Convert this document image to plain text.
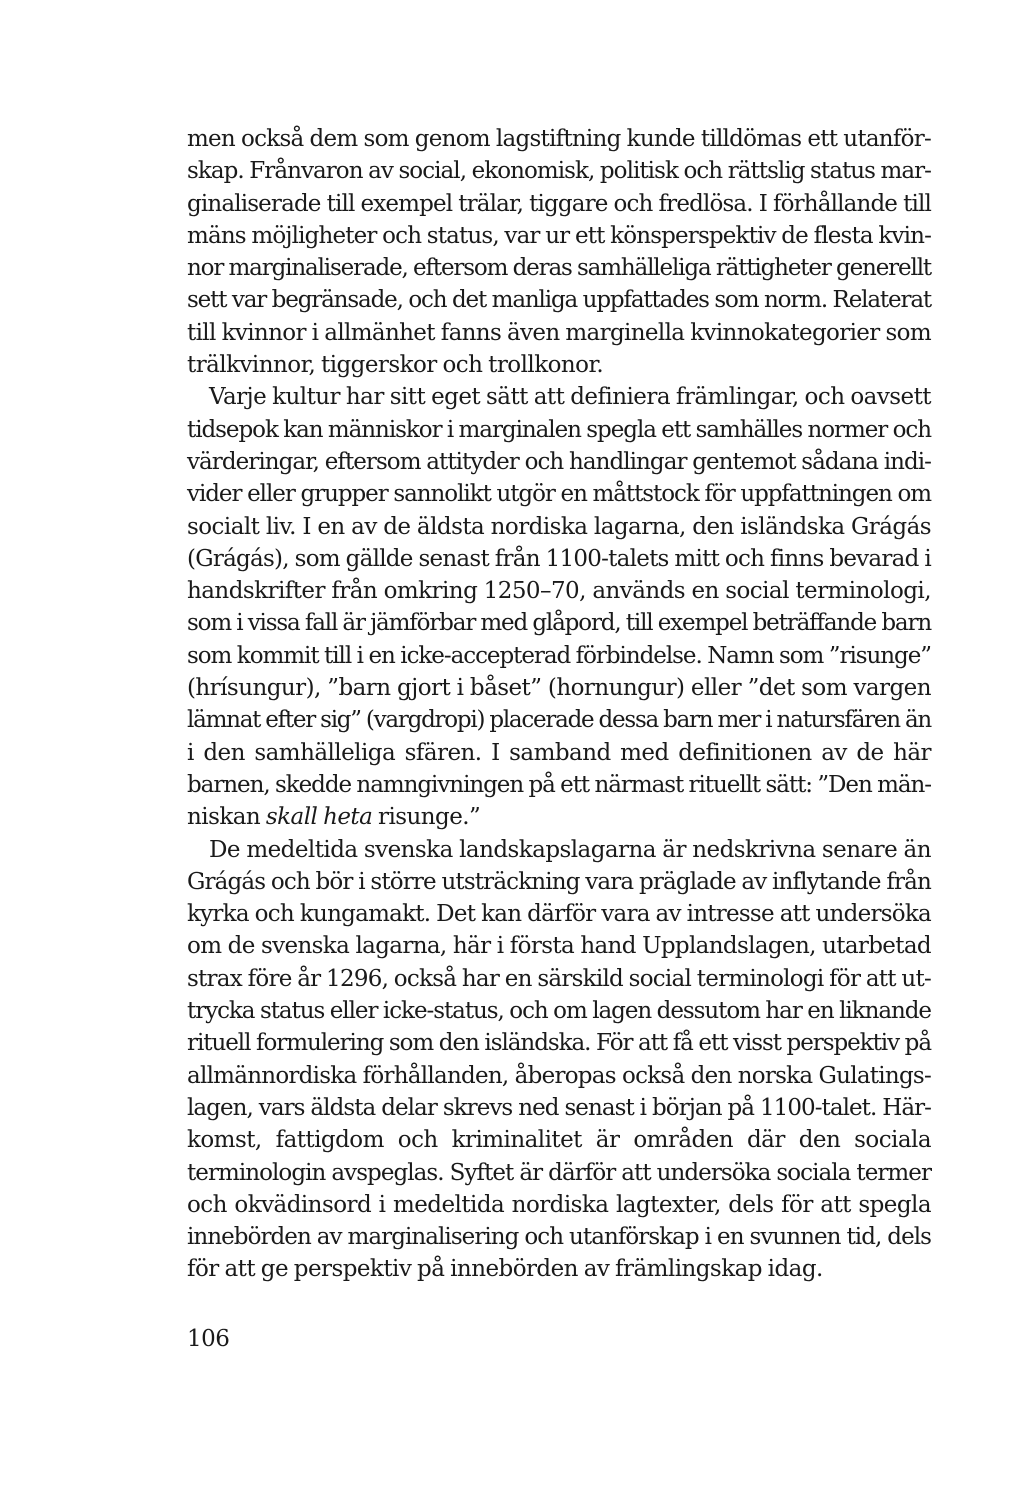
men också dem som genom lagstiftning kunde tilldömas ett utanför-
skap. Frånvaron av social, ekonomisk, politisk och rättslig status mar-
ginaliserade till exempel trälar, tiggare och fredlösa. I förhållande till
mäns möjligheter och status, var ur ett könsperspektiv de flesta kvin-
nor marginaliserade, eftersom deras samhälleliga rättigheter generellt
sett var begränsade, och det manliga uppfattades som norm. Relaterat
till kvinnor i allmänhet fanns även marginella kvinnokategorier som
trälkvinnor, tiggerskor och trollkonor.
Varje kultur har sitt eget sätt att definiera främlingar, och oavsett
tidsepok kan människor i marginalen spegla ett samhälles normer och
värderingar, eftersom attityder och handlingar gentemot sådana indi-
vider eller grupper sannolikt utgör en måttstock för uppfattningen om
socialt liv. I en av de äldsta nordiska lagarna, den isländska Grágás
(Grágás), som gällde senast från 1100-talets mitt och finns bevarad i
handskrifter från omkring 1250–70, används en social terminologi,
som i vissa fall är jämförbar med glåpord, till exempel beträffande barn
som kommit till i en icke-accepterad förbindelse. Namn som ”risunge”
(hrísungur), ”barn gjort i båset” (hornungur) eller ”det som vargen
lämnat efter sig” (vargdropi) placerade dessa barn mer i natursfären än
i den samhälleliga sfären. I samband med definitionen av de här
barnen, skedde namngivningen på ett närmast rituellt sätt: ”Den män-
niskan skall heta risunge.”
De medeltida svenska landskapslagarna är nedskrivna senare än
Grágás och bör i större utsträckning vara präglade av inflytande från
kyrka och kungamakt. Det kan därför vara av intresse att undersöka
om de svenska lagarna, här i första hand Upplandslagen, utarbetad
strax före år 1296, också har en särskild social terminologi för att ut-
trycka status eller icke-status, och om lagen dessutom har en liknande
rituell formulering som den isländska. För att få ett visst perspektiv på
allmännordiska förhållanden, åberopas också den norska Gulatings-
lagen, vars äldsta delar skrevs ned senast i början på 1100-talet. Här-
komst, fattigdom och kriminalitet är områden där den sociala
terminologin avspeglas. Syftet är därför att undersöka sociala termer
och okvädinsord i medeltida nordiska lagtexter, dels för att spegla
innebörden av marginalisering och utanförskap i en svunnen tid, dels
för att ge perspektiv på innebörden av främlingskap idag.
106
